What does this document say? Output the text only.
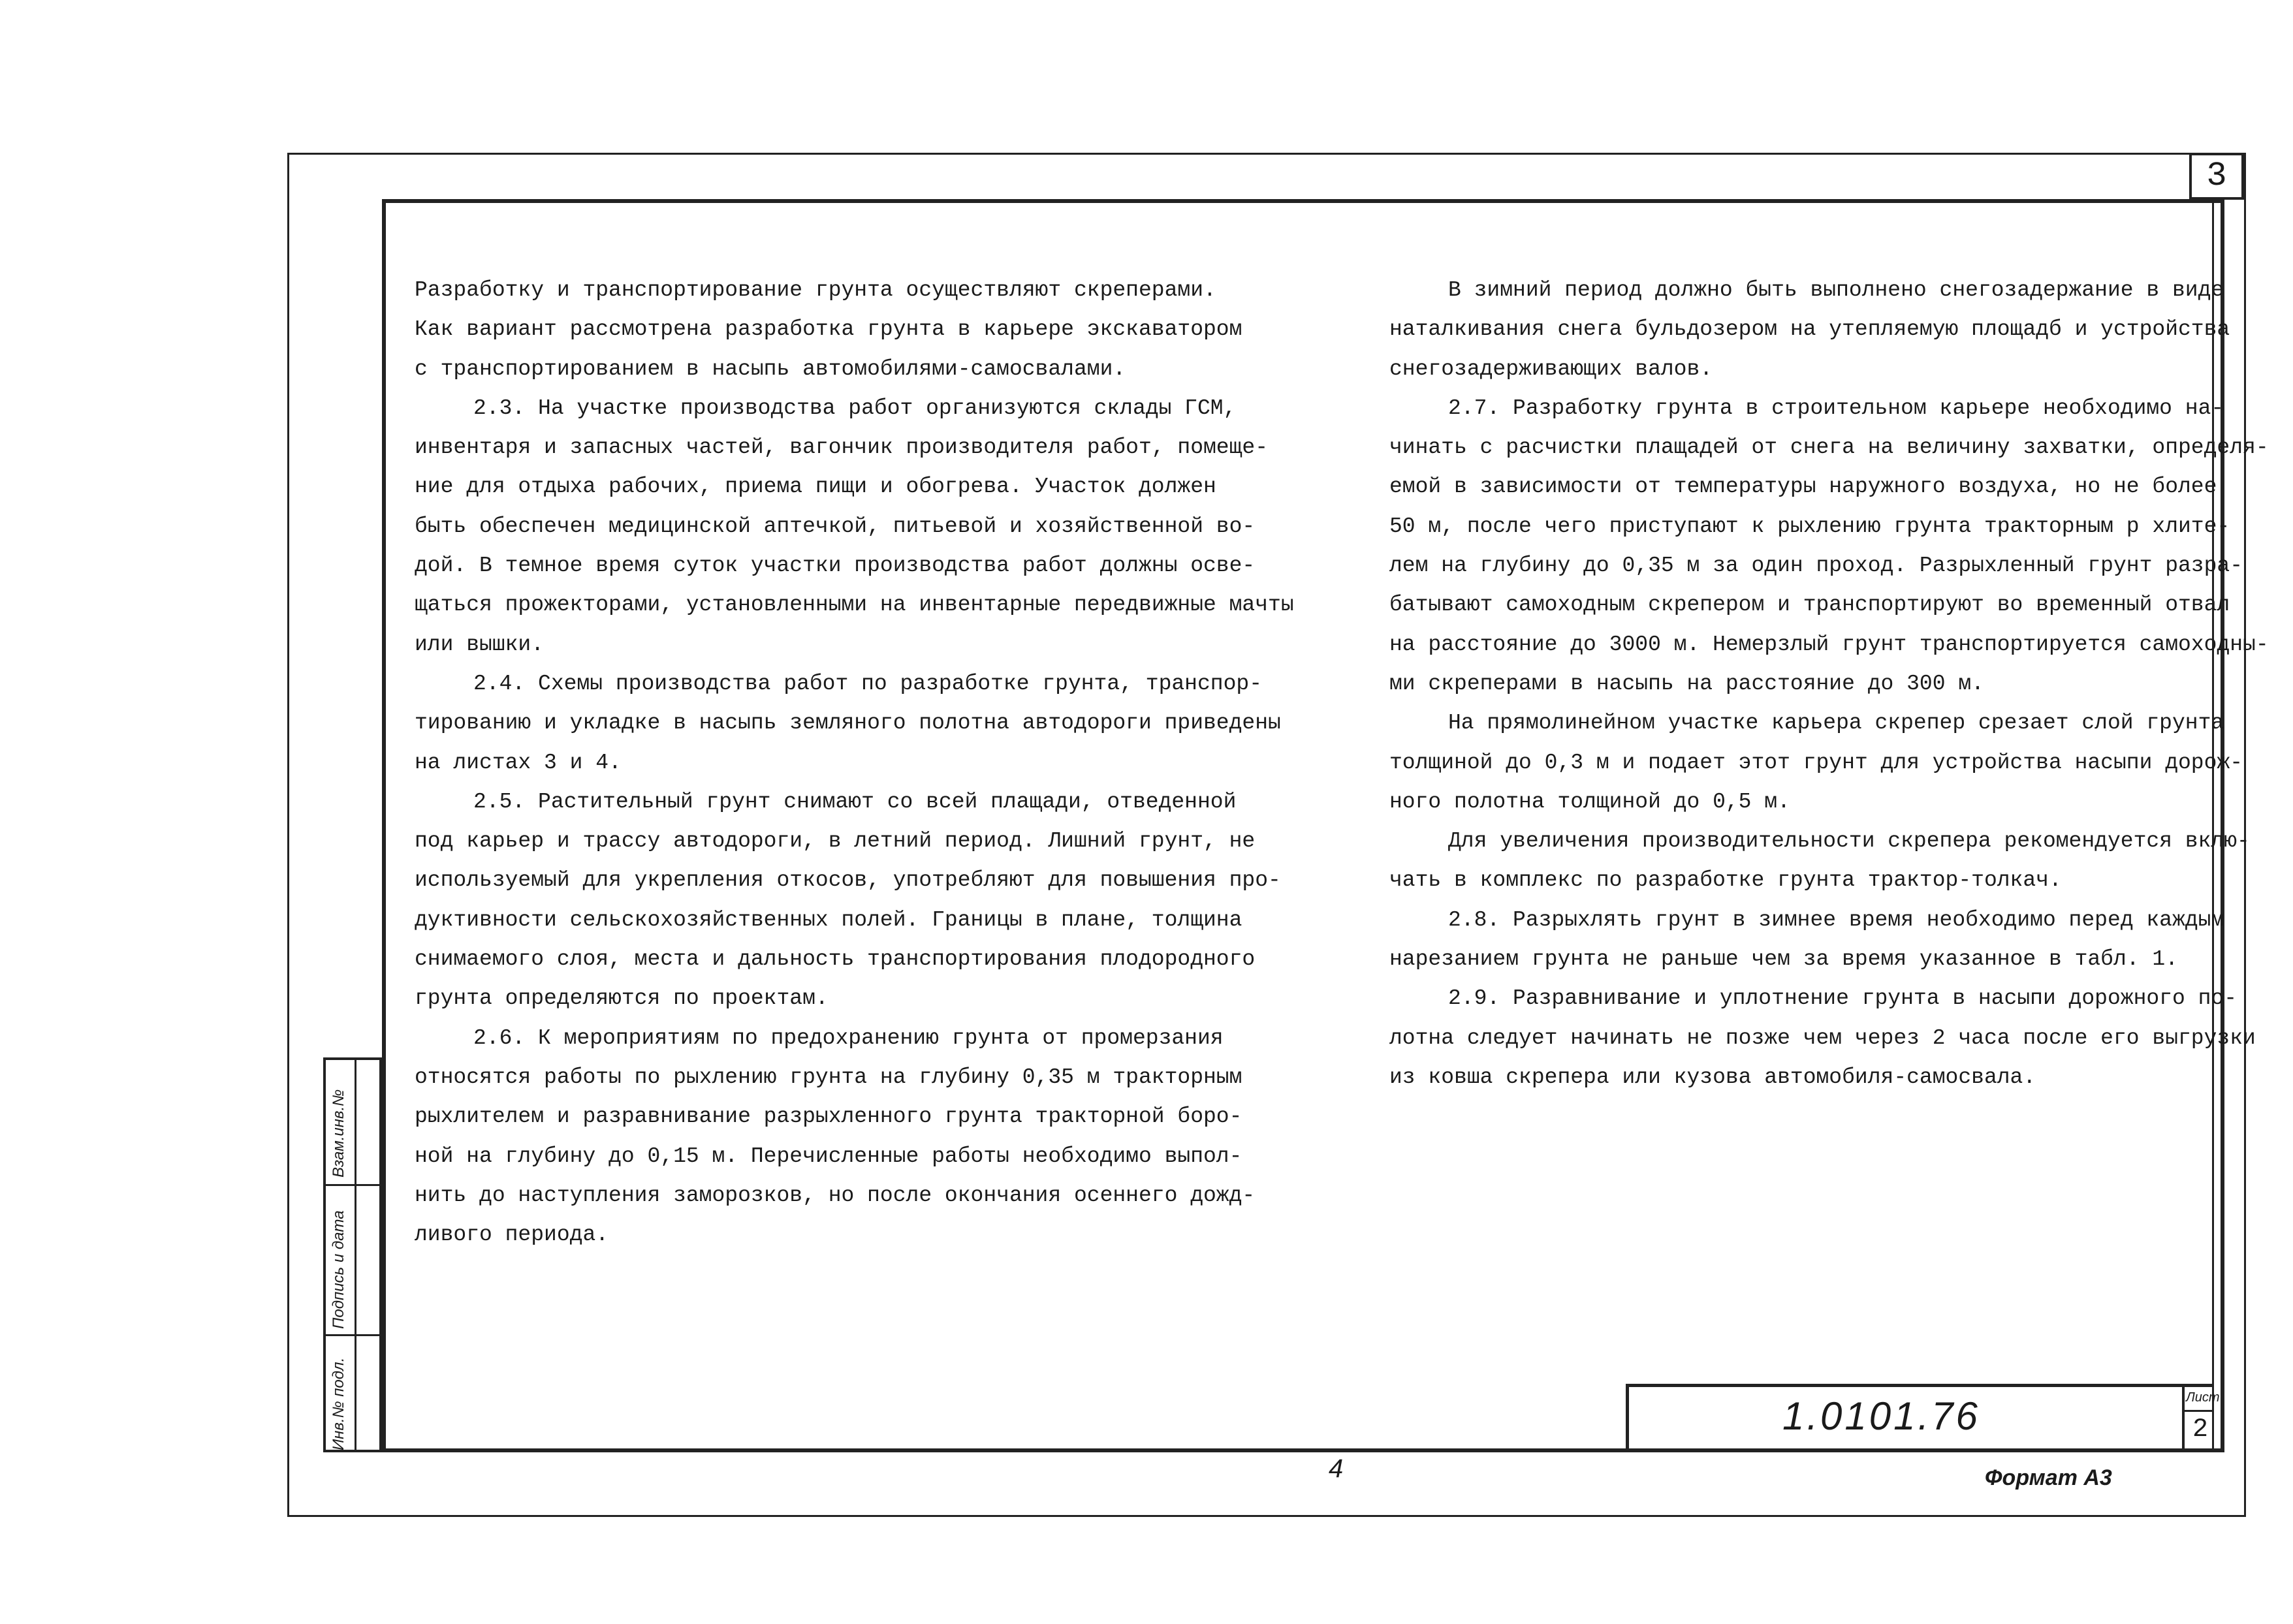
3
Взам.инв.№
Подпись и дата
Инв.№ подл.

Разработку и транспортирование грунта осуществляют скреперами.

Как вариант рассмотрена разработка грунта в карьере экскаватором

с транспортированием в насыпь автомобилями-самосвалами.

2.3. На участке производства работ организуются склады ГСМ,

инвентаря и запасных частей, вагончик производителя работ, помеще-

ние для отдыха рабочих, приема пищи и обогрева. Участок должен

быть обеспечен медицинской аптечкой, питьевой и хозяйственной во-

дой. В темное время суток участки производства работ должны осве-

щаться прожекторами, установленными на инвентарные передвижные мачты

или вышки.

2.4. Схемы производства работ по разработке грунта, транспор-

тированию и укладке в насыпь земляного полотна автодороги приведены

на листах 3 и 4.

2.5. Растительный грунт снимают со всей плащади, отведенной

под карьер и трассу автодороги, в летний период. Лишний грунт, не

используемый для укрепления откосов, употребляют для повышения про-

дуктивности сельскохозяйственных полей. Границы в плане, толщина

снимаемого слоя, места и дальность транспортирования плодородного

грунта определяются по проектам.

2.6. К мероприятиям по предохранению грунта от промерзания

относятся работы по рыхлению грунта на глубину 0,35 м тракторным

рыхлителем и разравнивание разрыхленного грунта тракторной боро-

ной на глубину до 0,15 м. Перечисленные работы необходимо выпол-

нить до наступления заморозков, но после окончания осеннего дожд-

ливого периода.

В зимний период должно быть выполнено снегозадержание в виде

наталкивания снега бульдозером на утепляемую площадб и устройства

снегозадерживающих валов.

2.7. Разработку грунта в строительном карьере необходимо на-

чинать с расчистки плащадей от снега на величину захватки, определя-

емой в зависимости от температуры наружного воздуха, но не более

50 м, после чего приступают к рыхлению грунта тракторным р хлите-

лем на глубину до 0,35 м за один проход. Разрыхленный грунт разра-

батывают самоходным скрепером и транспортируют во временный отвал

на расстояние до 3000 м. Немерзлый грунт транспортируется самоходны-

ми скреперами в насыпь на расстояние до 300 м.

На прямолинейном участке карьера скрепер срезает слой грунта

толщиной до 0,3 м и подает этот грунт для устройства насыпи дорож-

ного полотна толщиной до 0,5 м.

Для увеличения производительности скрепера рекомендуется вклю-

чать в комплекс по разработке грунта трактор-толкач.

2.8. Разрыхлять грунт в зимнее время необходимо перед каждым

нарезанием грунта не раньше чем за время указанное в табл. 1.

2.9. Разравнивание и уплотнение грунта в насыпи дорожного по-

лотна следует начинать не позже чем через 2 часа после его выгрузки

из ковша скрепера или кузова автомобиля-самосвала.

1.0101.76	Лист
2
4	Формат А3
